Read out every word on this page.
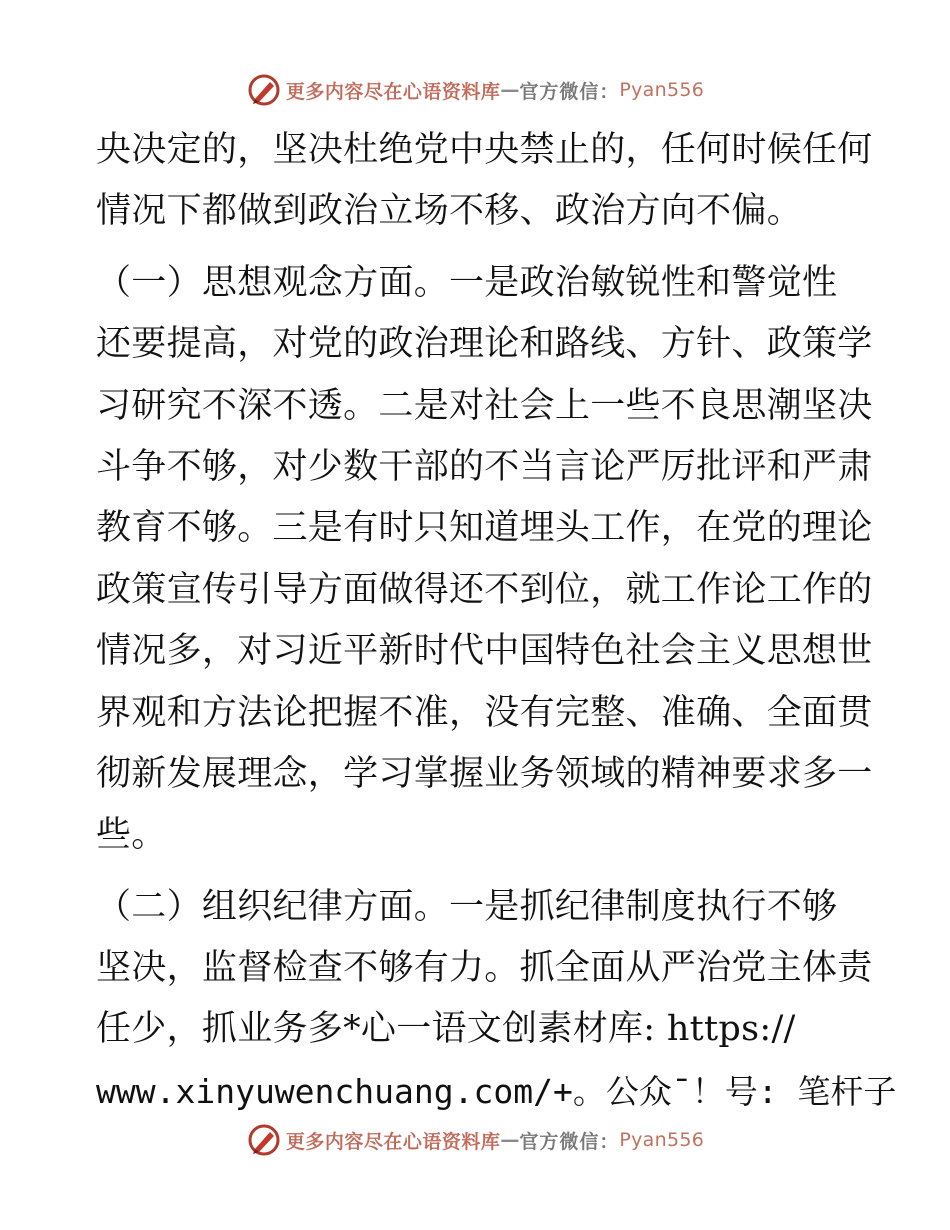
更多内容尽在心语资料库 — 官方微信： Pyan556
央决定的，坚决杜绝党中央禁止的，任何时候任何
情况下都做到政治立场不移、政治方向不偏。
（一）思想观念方面。一是政治敏锐性和警觉性
还要提高，对党的政治理论和路线、方针、政策学
习研究不深不透。二是对社会上一些不良思潮坚决
斗争不够，对少数干部的不当言论严厉批评和严肃
教育不够。三是有时只知道埋头工作，在党的理论
政策宣传引导方面做得还不到位，就工作论工作的
情况多，对习近平新时代中国特色社会主义思想世
界观和方法论把握不准，没有完整、准确、全面贯
彻新发展理念，学习掌握业务领域的精神要求多一
些。
（二）组织纪律方面。一是抓纪律制度执行不够
坚决，监督检查不够有力。抓全面从严治党主体责
任少，抓业务多*心一语文创素材库: https://
www.xinyuwenchuang.com/+。公众¯！号: 笔杆子
更多内容尽在心语资料库 — 官方微信： Pyan556
